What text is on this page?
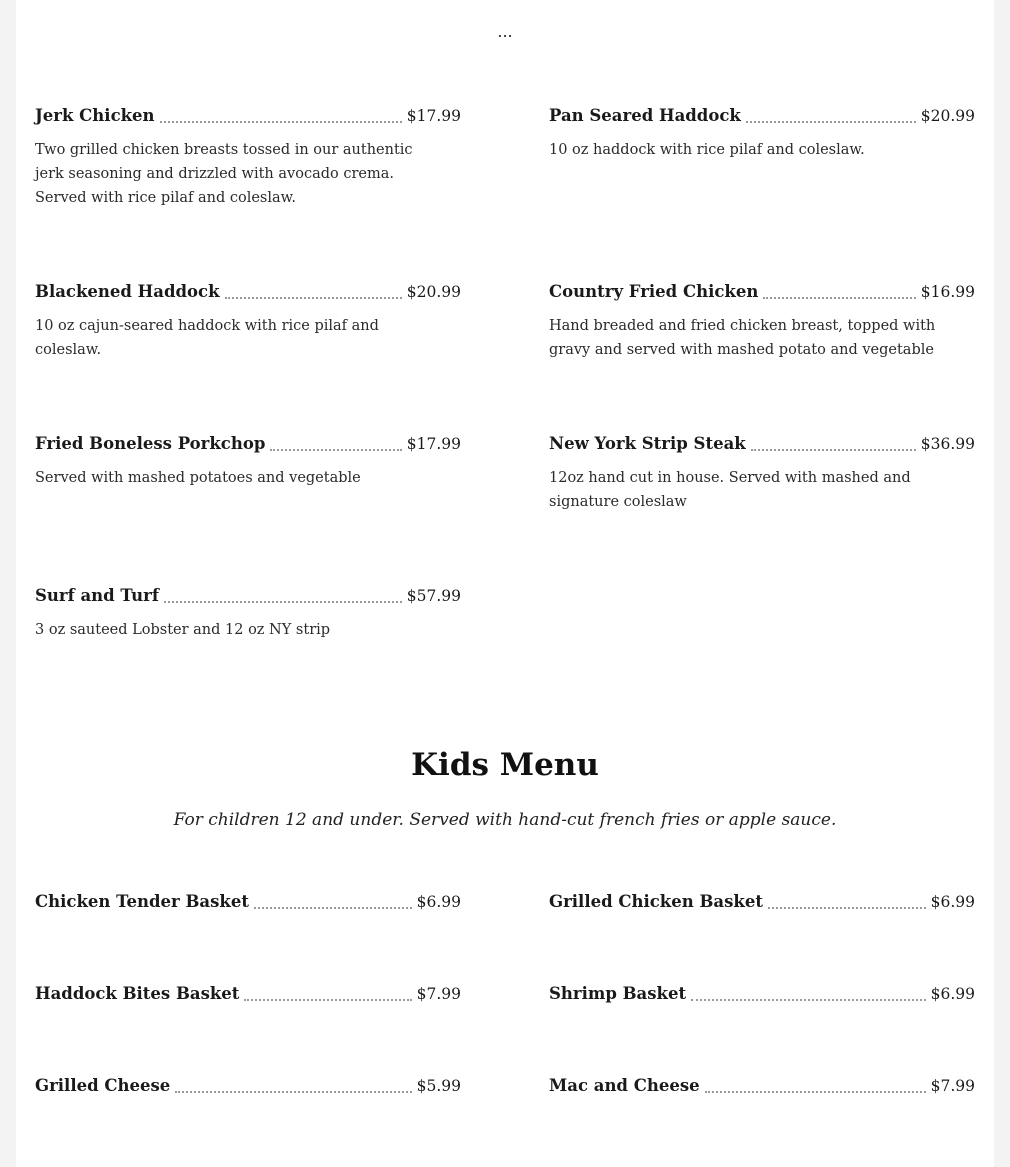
...
Jerk Chicken	$17.99
Two grilled chicken breasts tossed in our authentic jerk seasoning and drizzled with avocado crema. Served with rice pilaf and coleslaw.
Pan Seared Haddock	$20.99
10 oz haddock with rice pilaf and coleslaw.
Blackened Haddock	$20.99
10 oz cajun-seared haddock with rice pilaf and coleslaw.
Country Fried Chicken	$16.99
Hand breaded and fried chicken breast, topped with gravy and served with mashed potato and vegetable
Fried Boneless Porkchop	$17.99
Served with mashed potatoes and vegetable
New York Strip Steak	$36.99
12oz hand cut in house. Served with mashed and signature coleslaw
Surf and Turf	$57.99
3 oz sauteed Lobster and 12 oz NY strip
Kids Menu
For children 12 and under. Served with hand-cut french fries or apple sauce.
Chicken Tender Basket	$6.99	Grilled Chicken Basket	$6.99
Haddock Bites Basket	$7.99	Shrimp Basket	$6.99
Grilled Cheese	$5.99	Mac and Cheese	$7.99
